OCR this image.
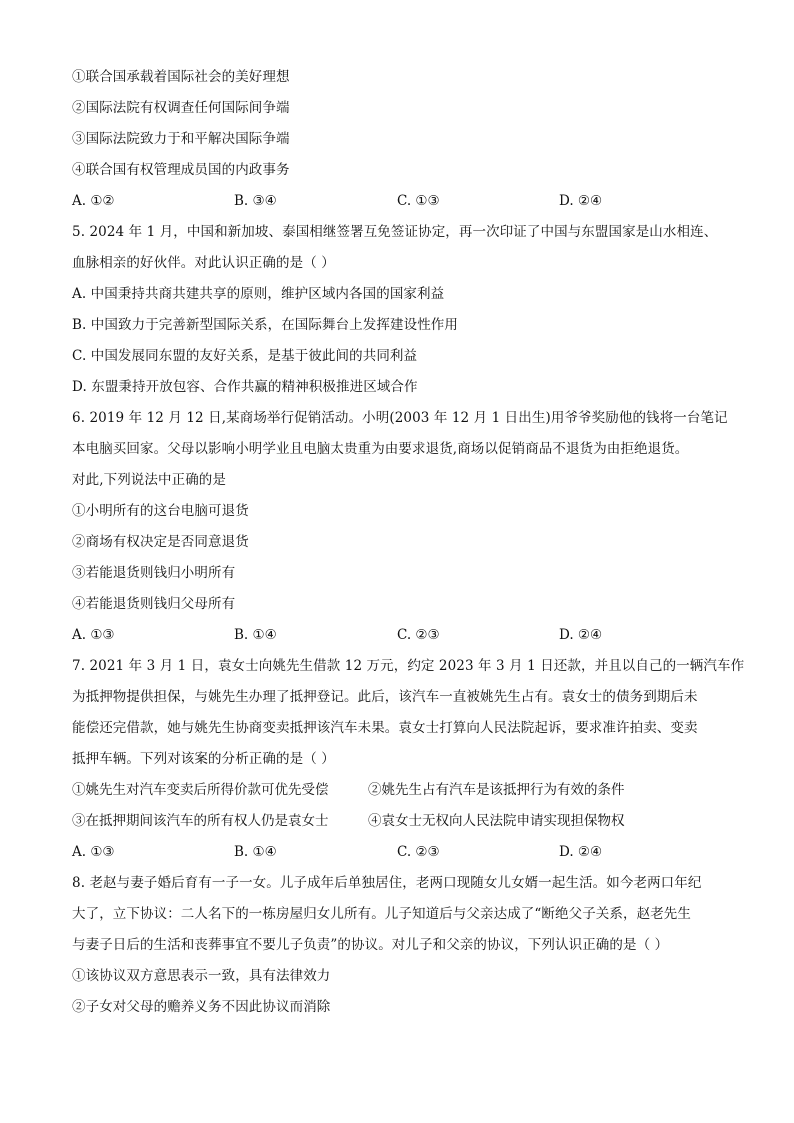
①联合国承载着国际社会的美好理想
②国际法院有权调查任何国际间争端
③国际法院致力于和平解决国际争端
④联合国有权管理成员国的内政事务
A. ①②	B. ③④	C. ①③	D. ②④
5. 2024 年 1 月，中国和新加坡、泰国相继签署互免签证协定，再一次印证了中国与东盟国家是山水相连、
血脉相亲的好伙伴。对此认识正确的是（ ）
A. 中国秉持共商共建共享的原则，维护区域内各国的国家利益
B. 中国致力于完善新型国际关系，在国际舞台上发挥建设性作用
C. 中国发展同东盟的友好关系，是基于彼此间的共同利益
D. 东盟秉持开放包容、合作共赢的精神积极推进区域合作
6. 2019 年 12 月 12 日,某商场举行促销活动。小明(2003 年 12 月 1 日出生)用爷爷奖励他的钱将一台笔记
本电脑买回家。父母以影响小明学业且电脑太贵重为由要求退货,商场以促销商品不退货为由拒绝退货。
对此,下列说法中正确的是
①小明所有的这台电脑可退货
②商场有权决定是否同意退货
③若能退货则钱归小明所有
④若能退货则钱归父母所有
A. ①③	B. ①④	C. ②③	D. ②④
7. 2021 年 3 月 1 日，袁女士向姚先生借款 12 万元，约定 2023 年 3 月 1 日还款，并且以自己的一辆汽车作
为抵押物提供担保，与姚先生办理了抵押登记。此后，该汽车一直被姚先生占有。袁女士的债务到期后未
能偿还完借款，她与姚先生协商变卖抵押该汽车未果。袁女士打算向人民法院起诉，要求准许拍卖、变卖
抵押车辆。下列对该案的分析正确的是（ ）
①姚先生对汽车变卖后所得价款可优先受偿	②姚先生占有汽车是该抵押行为有效的条件
③在抵押期间该汽车的所有权人仍是袁女士	④袁女士无权向人民法院申请实现担保物权
A. ①③	B. ①④	C. ②③	D. ②④
8. 老赵与妻子婚后育有一子一女。儿子成年后单独居住，老两口现随女儿女婿一起生活。如今老两口年纪
大了，立下协议：二人名下的一栋房屋归女儿所有。儿子知道后与父亲达成了“断绝父子关系，赵老先生
与妻子日后的生活和丧葬事宜不要儿子负责”的协议。对儿子和父亲的协议，下列认识正确的是（ ）
①该协议双方意思表示一致，具有法律效力
②子女对父母的赡养义务不因此协议而消除
